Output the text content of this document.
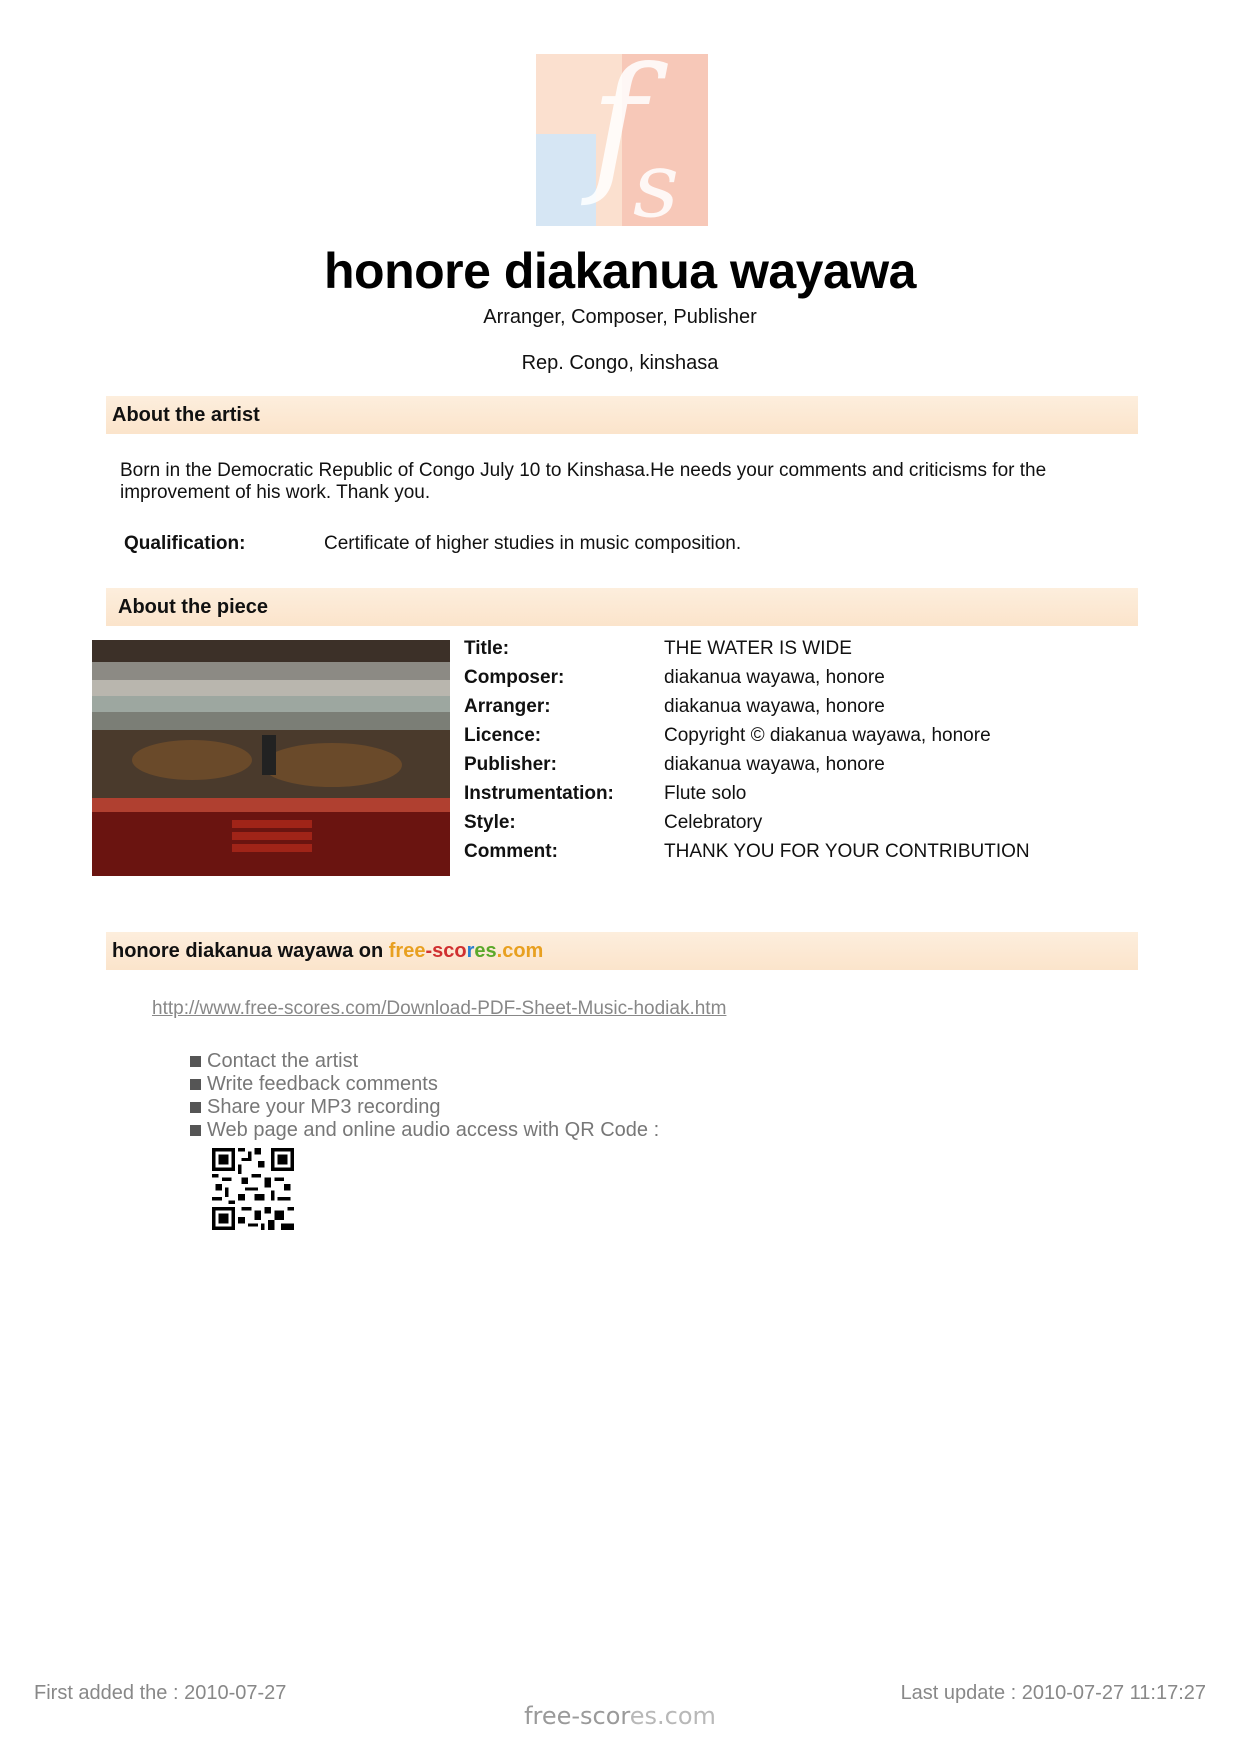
f
s
honore diakanua wayawa
Arranger, Composer, Publisher
Rep. Congo, kinshasa
About the artist
Born in the Democratic Republic of Congo July 10 to Kinshasa.He needs your comments and criticisms for the improvement of his work. Thank you.
Qualification:	Certificate of higher studies in music composition.
About the piece
Title:	THE WATER IS WIDE
Composer:	diakanua wayawa, honore
Arranger:	diakanua wayawa, honore
Licence:	Copyright © diakanua wayawa, honore
Publisher:	diakanua wayawa, honore
Instrumentation:	Flute solo
Style:	Celebratory
Comment:	THANK YOU FOR YOUR CONTRIBUTION
honore diakanua wayawa on free-scores.com
http://www.free-scores.com/Download-PDF-Sheet-Music-hodiak.htm
Contact the artist
Write feedback comments
Share your MP3 recording
Web page and online audio access with QR Code :
First added the : 2010-07-27	Last update : 2010-07-27 11:17:27
free-scores.com
